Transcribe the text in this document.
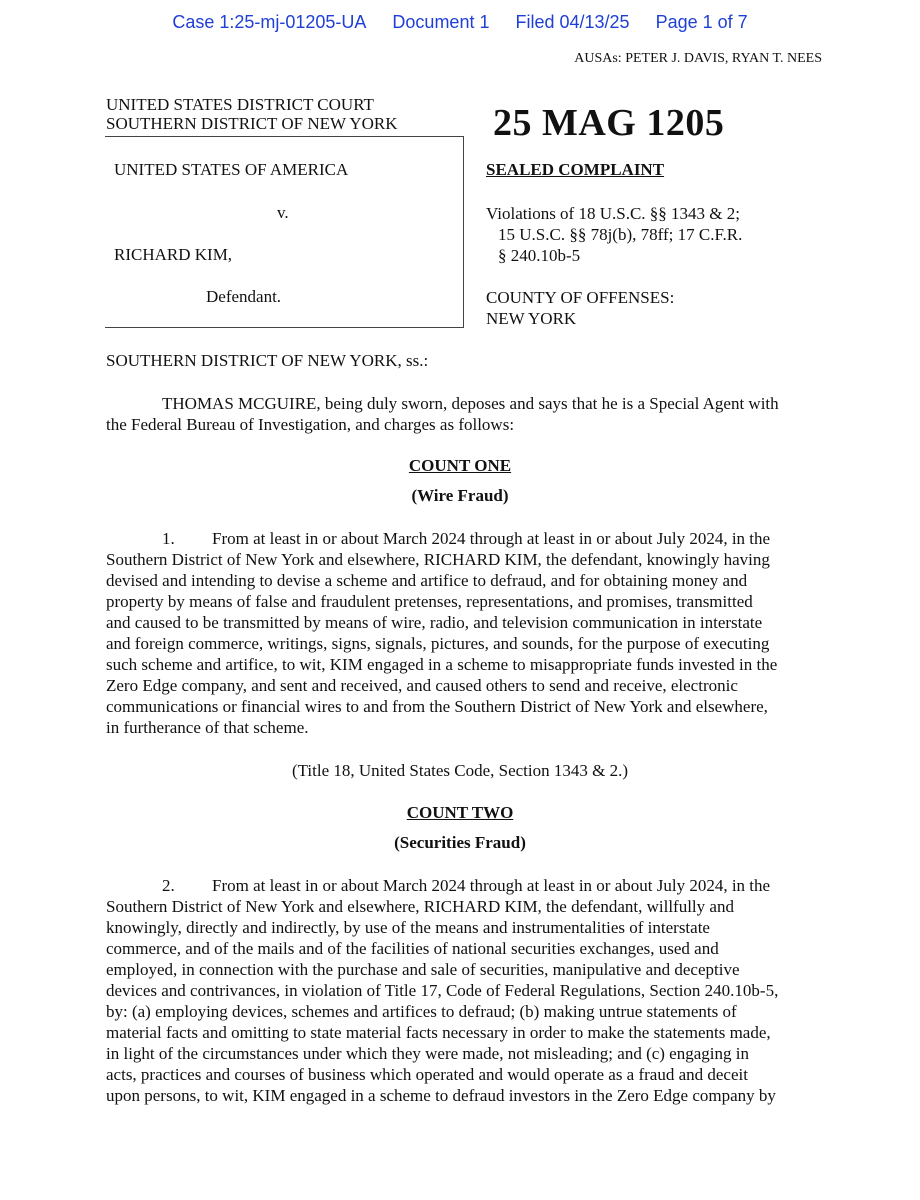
Case 1:25-mj-01205-UA Document 1 Filed 04/13/25 Page 1 of 7
AUSAs: PETER J. DAVIS, RYAN T. NEES
UNITED STATES DISTRICT COURT
SOUTHERN DISTRICT OF NEW YORK
UNITED STATES OF AMERICA
v.
RICHARD KIM,
Defendant.
25 MAG 1205
SEALED COMPLAINT
Violations of 18 U.S.C. §§ 1343 & 2;
15 U.S.C. §§ 78j(b), 78ff; 17 C.F.R.
§ 240.10b-5
COUNTY OF OFFENSES:
NEW YORK
SOUTHERN DISTRICT OF NEW YORK, ss.:
THOMAS MCGUIRE, being duly sworn, deposes and says that he is a Special Agent with
the Federal Bureau of Investigation, and charges as follows:
COUNT ONE
(Wire Fraud)
1. From at least in or about March 2024 through at least in or about July 2024, in the
Southern District of New York and elsewhere, RICHARD KIM, the defendant, knowingly having
devised and intending to devise a scheme and artifice to defraud, and for obtaining money and
property by means of false and fraudulent pretenses, representations, and promises, transmitted
and caused to be transmitted by means of wire, radio, and television communication in interstate
and foreign commerce, writings, signs, signals, pictures, and sounds, for the purpose of executing
such scheme and artifice, to wit, KIM engaged in a scheme to misappropriate funds invested in the
Zero Edge company, and sent and received, and caused others to send and receive, electronic
communications or financial wires to and from the Southern District of New York and elsewhere,
in furtherance of that scheme.
(Title 18, United States Code, Section 1343 & 2.)
COUNT TWO
(Securities Fraud)
2. From at least in or about March 2024 through at least in or about July 2024, in the
Southern District of New York and elsewhere, RICHARD KIM, the defendant, willfully and
knowingly, directly and indirectly, by use of the means and instrumentalities of interstate
commerce, and of the mails and of the facilities of national securities exchanges, used and
employed, in connection with the purchase and sale of securities, manipulative and deceptive
devices and contrivances, in violation of Title 17, Code of Federal Regulations, Section 240.10b-5,
by: (a) employing devices, schemes and artifices to defraud; (b) making untrue statements of
material facts and omitting to state material facts necessary in order to make the statements made,
in light of the circumstances under which they were made, not misleading; and (c) engaging in
acts, practices and courses of business which operated and would operate as a fraud and deceit
upon persons, to wit, KIM engaged in a scheme to defraud investors in the Zero Edge company by
